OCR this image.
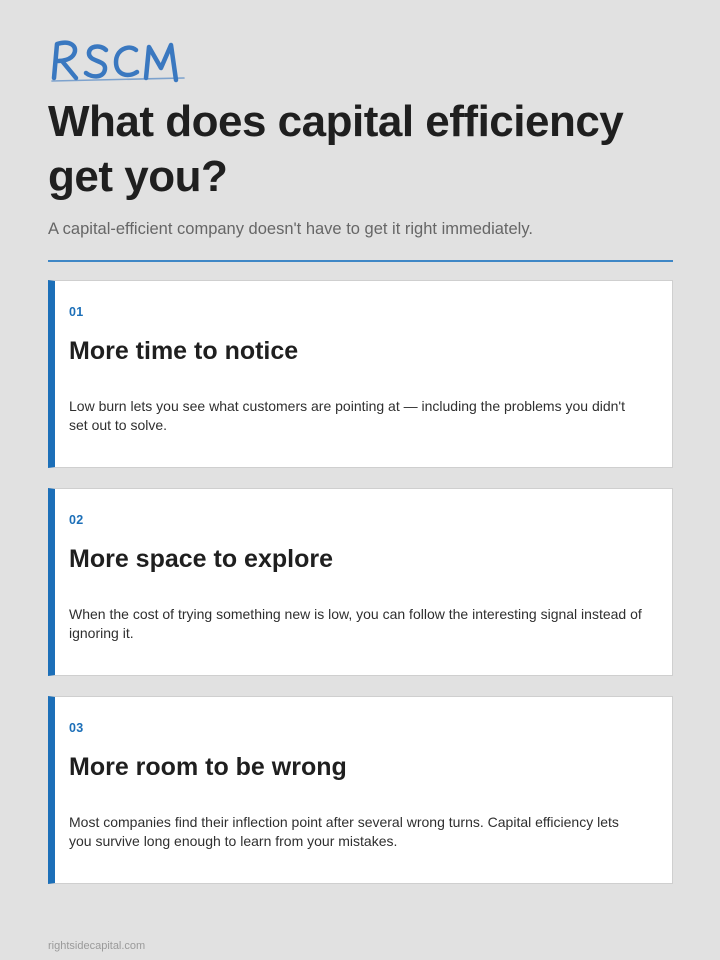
What does capital efficiency get you?

A capital-efficient company doesn't have to get it right immediately.

01
More time to notice

Low burn lets you see what customers are pointing at — including the problems you didn't set out to solve.

02
More space to explore

When the cost of trying something new is low, you can follow the interesting signal instead of ignoring it.

03
More room to be wrong

Most companies find their inflection point after several wrong turns. Capital efficiency lets you survive long enough to learn from your mistakes.

rightsidecapital.com
